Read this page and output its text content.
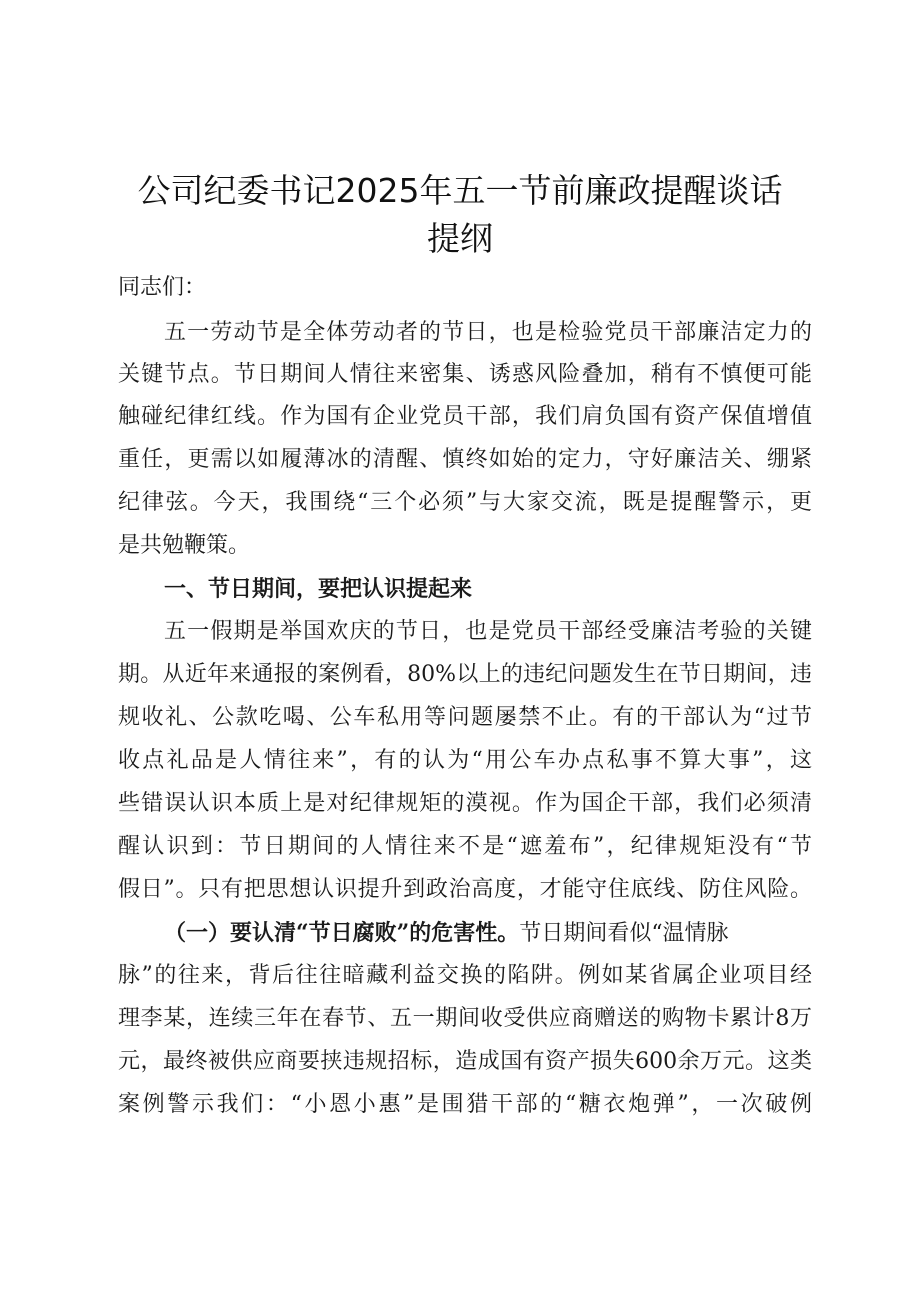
公司纪委书记2025年五一节前廉政提醒谈话
提纲
同志们：
五一劳动节是全体劳动者的节日，也是检验党员干部廉洁定力的
关键节点。节日期间人情往来密集、诱惑风险叠加，稍有不慎便可能
触碰纪律红线。作为国有企业党员干部，我们肩负国有资产保值增值
重任，更需以如履薄冰的清醒、慎终如始的定力，守好廉洁关、绷紧
纪律弦。今天，我围绕“三个必须”与大家交流，既是提醒警示，更
是共勉鞭策。
一、节日期间，要把认识提起来
五一假期是举国欢庆的节日，也是党员干部经受廉洁考验的关键
期。从近年来通报的案例看，80%以上的违纪问题发生在节日期间，违
规收礼、公款吃喝、公车私用等问题屡禁不止。有的干部认为“过节
收点礼品是人情往来”，有的认为“用公车办点私事不算大事”，这
些错误认识本质上是对纪律规矩的漠视。作为国企干部，我们必须清
醒认识到：节日期间的人情往来不是“遮羞布”，纪律规矩没有“节
假日”。只有把思想认识提升到政治高度，才能守住底线、防住风险。
（一）要认清“节日腐败”的危害性。节日期间看似“温情脉
脉”的往来，背后往往暗藏利益交换的陷阱。例如某省属企业项目经
理李某，连续三年在春节、五一期间收受供应商赠送的购物卡累计8万
元，最终被供应商要挟违规招标，造成国有资产损失600余万元。这类
案例警示我们：“小恩小惠”是围猎干部的“糖衣炮弹”，一次破例
